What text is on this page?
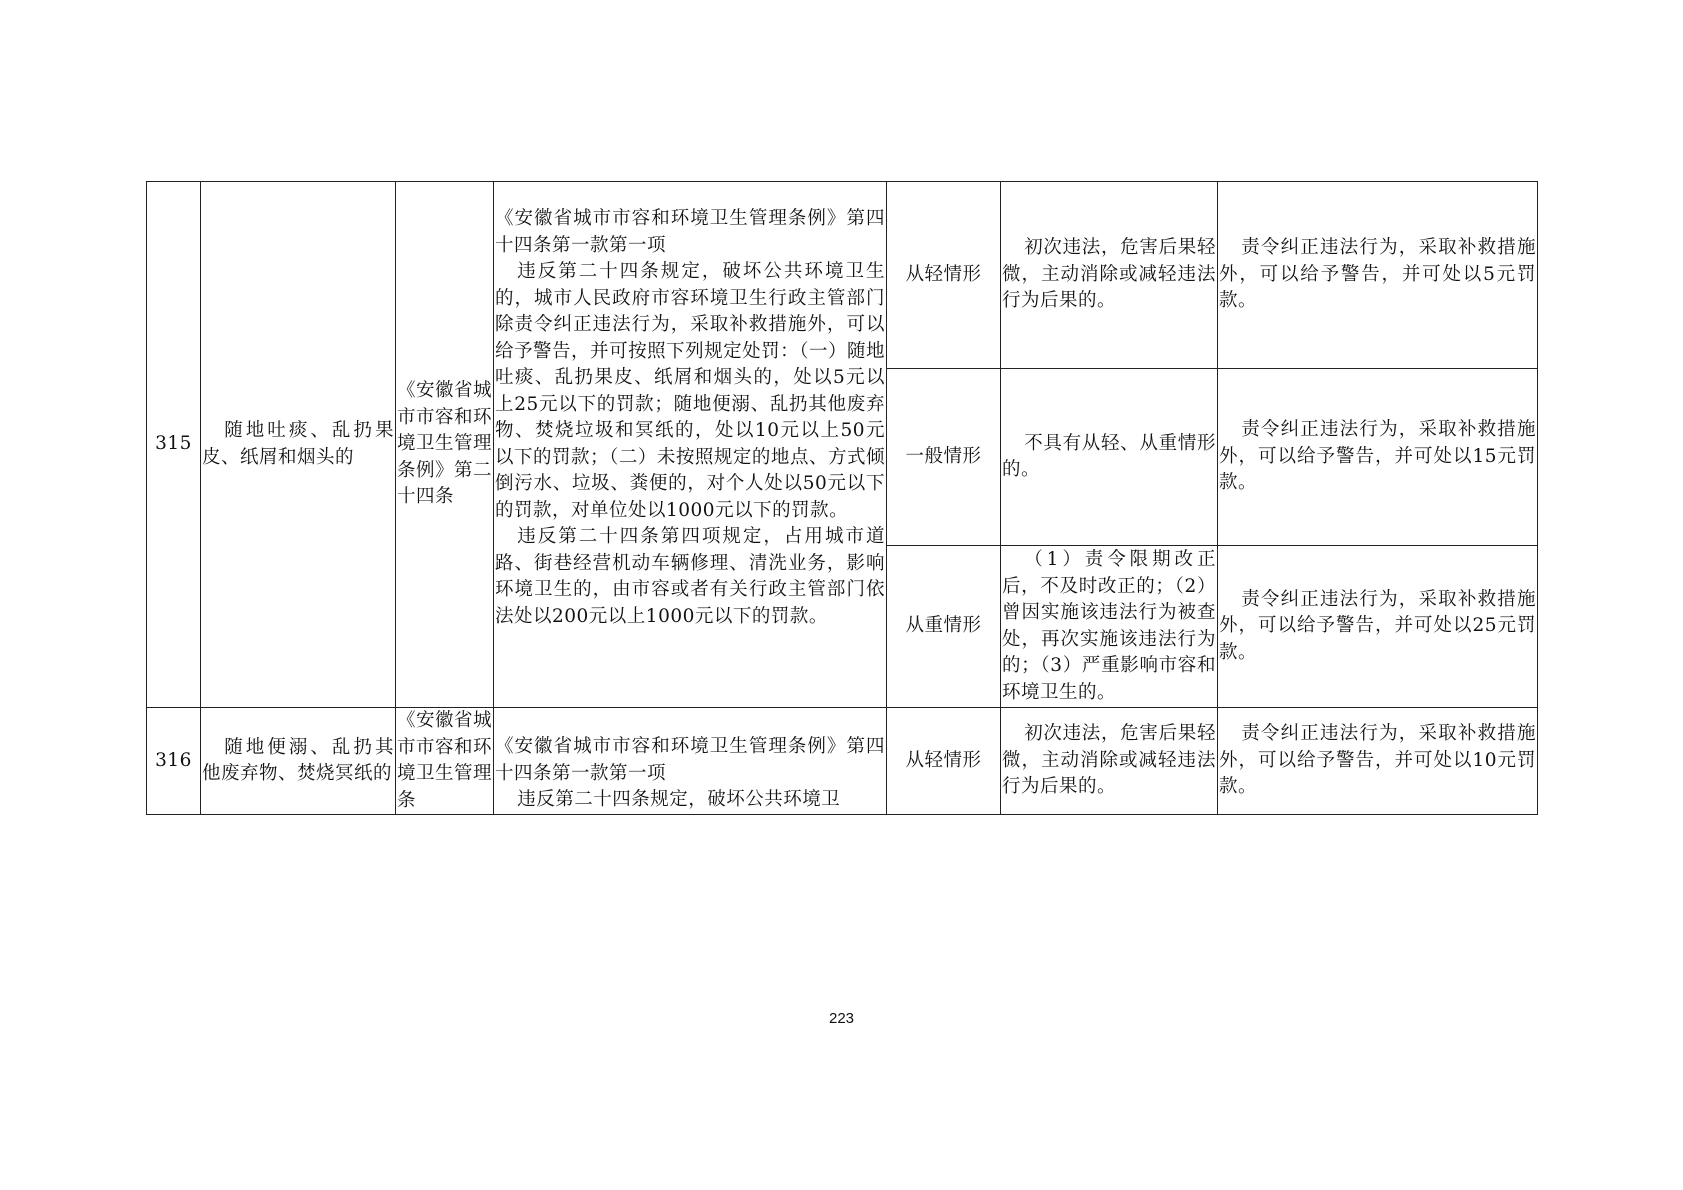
315	随地吐痰、乱扔果皮、纸屑和烟头的	《安徽省城市市容和环境卫生管理条例》第二十四条	《安徽省城市市容和环境卫生管理条例》第四十四条第一款第一项
违反第二十四条规定，破坏公共环境卫生的，城市人民政府市容环境卫生行政主管部门除责令纠正违法行为，采取补救措施外，可以给予警告，并可按照下列规定处罚：（一）随地吐痰、乱扔果皮、纸屑和烟头的，处以5元以上25元以下的罚款；随地便溺、乱扔其他废弃物、焚烧垃圾和冥纸的，处以10元以上50元以下的罚款；（二）未按照规定的地点、方式倾倒污水、垃圾、粪便的，对个人处以50元以下的罚款，对单位处以1000元以下的罚款。
违反第二十四条第四项规定，占用城市道路、街巷经营机动车辆修理、清洗业务，影响环境卫生的，由市容或者有关行政主管部门依法处以200元以上1000元以下的罚款。	从轻情形	初次违法，危害后果轻微，主动消除或减轻违法行为后果的。	责令纠正违法行为，采取补救措施外，可以给予警告，并可处以5元罚款。
				一般情形	不具有从轻、从重情形的。	责令纠正违法行为，采取补救措施外，可以给予警告，并可处以15元罚款。
				从重情形	（1）责令限期改正后，不及时改正的；（2）曾因实施该违法行为被查处，再次实施该违法行为的；（3）严重影响市容和环境卫生的。	责令纠正违法行为，采取补救措施外，可以给予警告，并可处以25元罚款。
316	随地便溺、乱扔其他废弃物、焚烧冥纸的	《安徽省城市市容和环境卫生管理条	《安徽省城市市容和环境卫生管理条例》第四十四条第一款第一项
违反第二十四条规定，破坏公共环境卫	从轻情形	初次违法，危害后果轻微，主动消除或减轻违法行为后果的。	责令纠正违法行为，采取补救措施外，可以给予警告，并可处以10元罚款。
223
